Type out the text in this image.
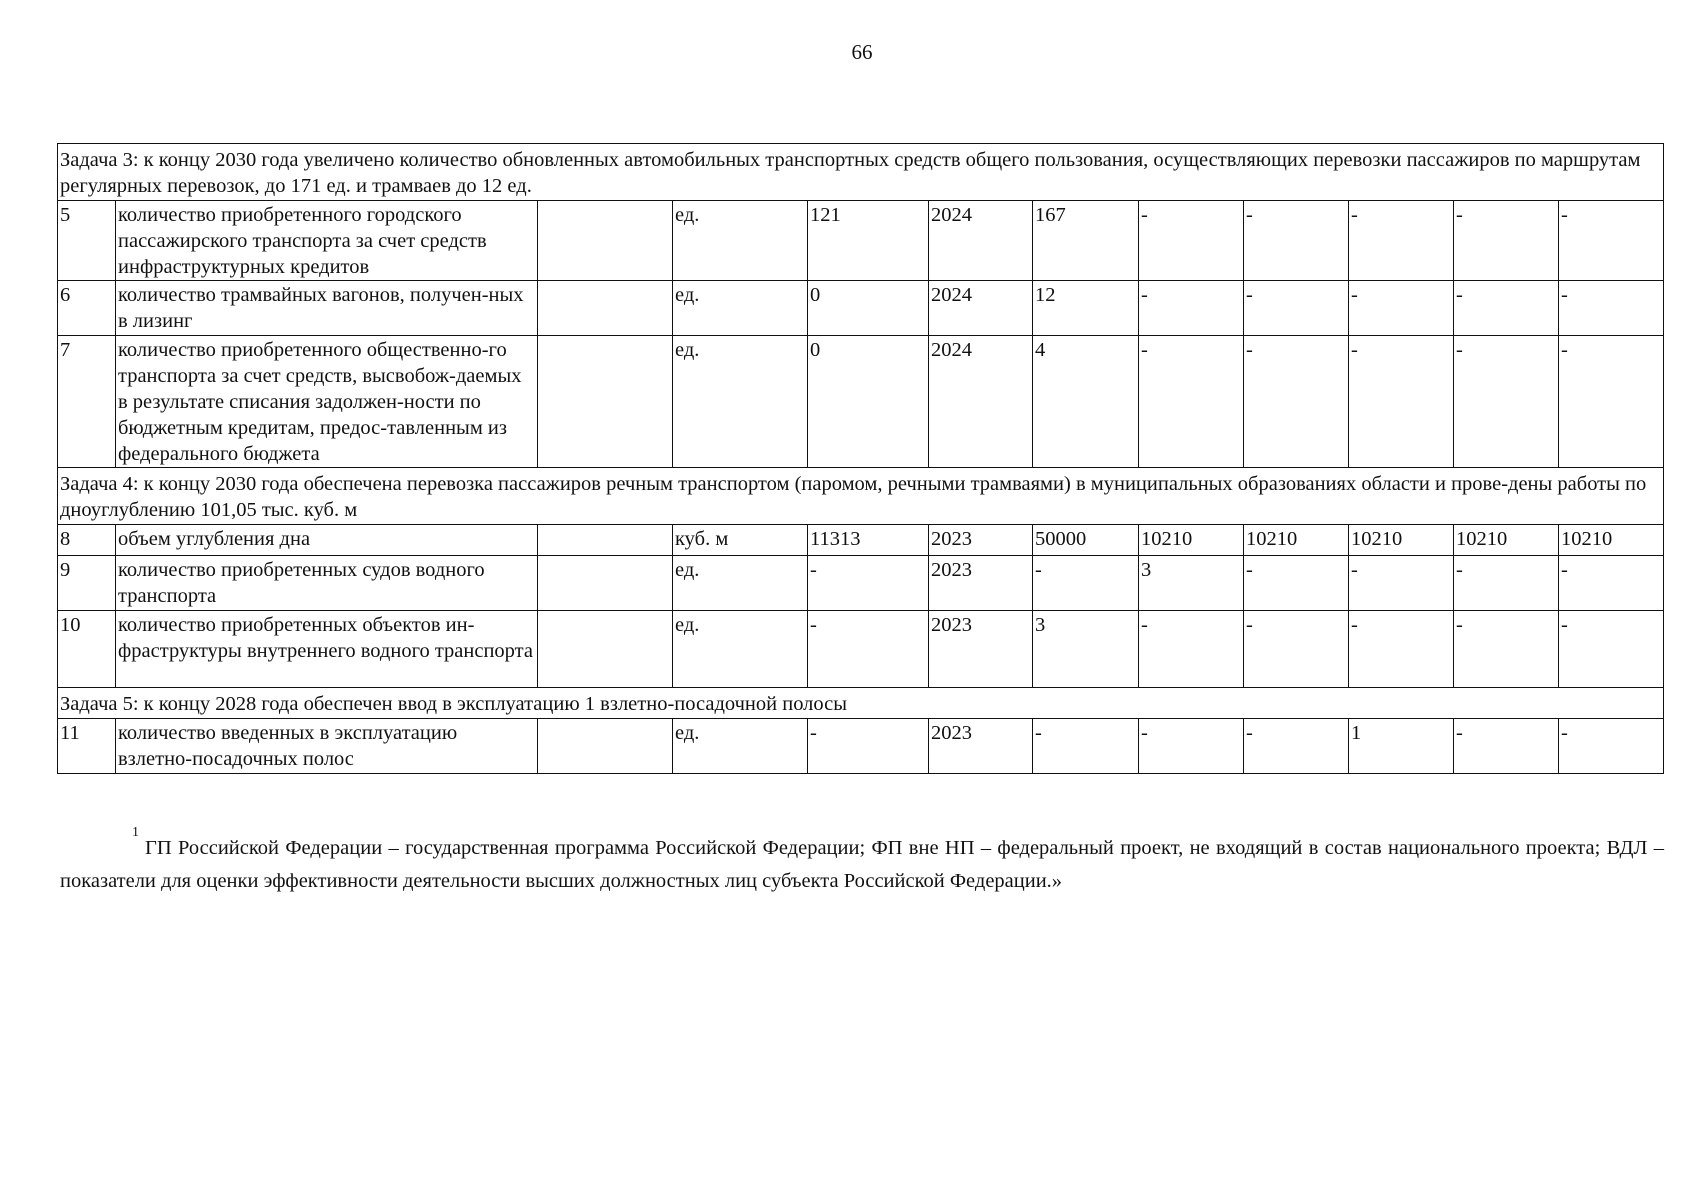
66
Задача 3: к концу 2030 года увеличено количество обновленных автомобильных транспортных средств общего пользования, осуществляющих перевозки пассажиров по маршрутам регулярных перевозок, до 171 ед. и трамваев до 12 ед.											
5	количество приобретенного городского пассажирского транспорта за счет средств инфраструктурных кредитов		ед.	121	2024	167	-	-	-	-	-
6	количество трамвайных вагонов, получен-ных в лизинг		ед.	0	2024	12	-	-	-	-	-
7	количество приобретенного общественно-го транспорта за счет средств, высвобож-даемых в результате списания задолжен-ности по бюджетным кредитам, предос-тавленным из федерального бюджета		ед.	0	2024	4	-	-	-	-	-
Задача 4: к концу 2030 года обеспечена перевозка пассажиров речным транспортом (паромом, речными трамваями) в муниципальных образованиях области и прове-дены работы по дноуглублению 101,05 тыс. куб. м											
8	объем углубления дна		куб. м	11313	2023	50000	10210	10210	10210	10210	10210
9	количество приобретенных судов водного транспорта		ед.	-	2023	-	3	-	-	-	-
10	количество приобретенных объектов ин-фраструктуры внутреннего водного транспорта		ед.	-	2023	3	-	-	-	-	-
Задача 5: к концу 2028 года обеспечен ввод в эксплуатацию 1 взлетно-посадочной полосы											
11	количество введенных в эксплуатацию взлетно-посадочных полос		ед.	-	2023	-	-	-	1	-	-
$^1$ГП Российской Федерации – государственная программа Российской Федерации; ФП вне НП – федеральный проект, не входящий в состав национального проекта; ВДЛ – показатели для оценки эффективности деятельности высших должностных лиц субъекта Российской Федерации.»
